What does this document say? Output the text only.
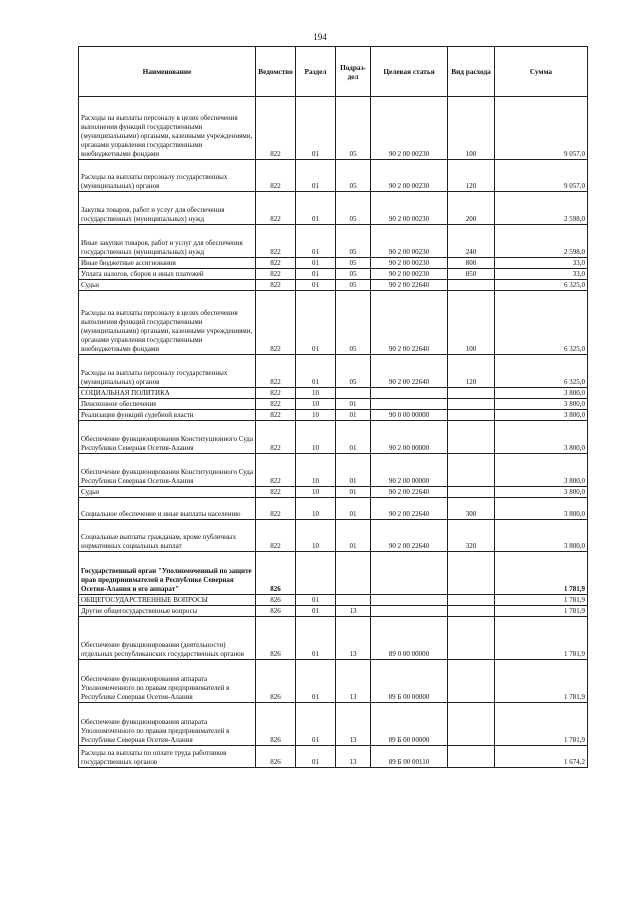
194
Наименование	Ведомство	Раздел	Подраз-дел	Целевая статья	Вид расхода	Сумма
Расходы на выплаты персоналу в целях обеспечения выполнения функций государственными (муниципальными) органами, казенными учреждениями, органами управления государственными внебюджетными фондами	822	01	05	90 2 00 00230	100	9 057,0
Расходы на выплаты персоналу государственных (муниципальных) органов	822	01	05	90 2 00 00230	120	9 057,0
Закупка товаров, работ и услуг для обеспечения государственных (муниципальных) нужд	822	01	05	90 2 00 00230	200	2 598,0
Иные закупки товаров, работ и услуг для обеспечения государственных (муниципальных) нужд	822	01	05	90 2 00 00230	240	2 598,0
Иные бюджетные ассигнования	822	01	05	90 2 00 00230	800	33,0
Уплата налогов, сборов и иных платежей	822	01	05	90 2 00 00230	850	33,0
Судьи	822	01	05	90 2 00 22640		6 325,0
Расходы на выплаты персоналу в целях обеспечения выполнения функций государственными (муниципальными) органами, казенными учреждениями, органами управления государственными внебюджетными фондами	822	01	05	90 2 00 22640	100	6 325,0
Расходы на выплаты персоналу государственных (муниципальных) органов	822	01	05	90 2 00 22640	120	6 325,0
СОЦИАЛЬНАЯ ПОЛИТИКА	822	10				3 800,0
Пенсионное обеспечение	822	10	01			3 800,0
Реализация функций судебной власти	822	10	01	90 0 00 00000		3 800,0
Обеспечение функционирования Конституционного Суда Республики Северная Осетия-Алания	822	10	01	90 2 00 00000		3 800,0
Обеспечение функционирования Конституционного Суда Республики Северная Осетия-Алания	822	10	01	90 2 00 00000		3 800,0
Судьи	822	10	01	90 2 00 22640		3 800,0
Социальное обеспечение и иные выплаты населению	822	10	01	90 2 00 22640	300	3 800,0
Социальные выплаты гражданам, кроме публичных нормативных социальных выплат	822	10	01	90 2 00 22640	320	3 800,0
Государственный орган "Уполномоченный по защите прав предпринимателей в Республике Северная Осетия-Алания и его аппарат"	826					1 781,9
ОБЩЕГОСУДАРСТВЕННЫЕ ВОПРОСЫ	826	01				1 781,9
Другие общегосударственные вопросы	826	01	13			1 781,9
Обеспечение функционирования (деятельности) отдельных республиканских государственных органов	826	01	13	89 0 00 00000		1 781,9
Обеспечение функционирования аппарата Уполномоченного по правам предпринимателей в Республике Северная Осетия-Алания	826	01	13	89 Б 00 00000		1 781,9
Обеспечение функционирования аппарата Уполномоченного по правам предпринимателей в Республике Северная Осетия-Алания	826	01	13	89 Б 00 00000		1 781,9
Расходы на выплаты по оплате труда работников государственных органов	826	01	13	89 Б 00 00110		1 674,2
